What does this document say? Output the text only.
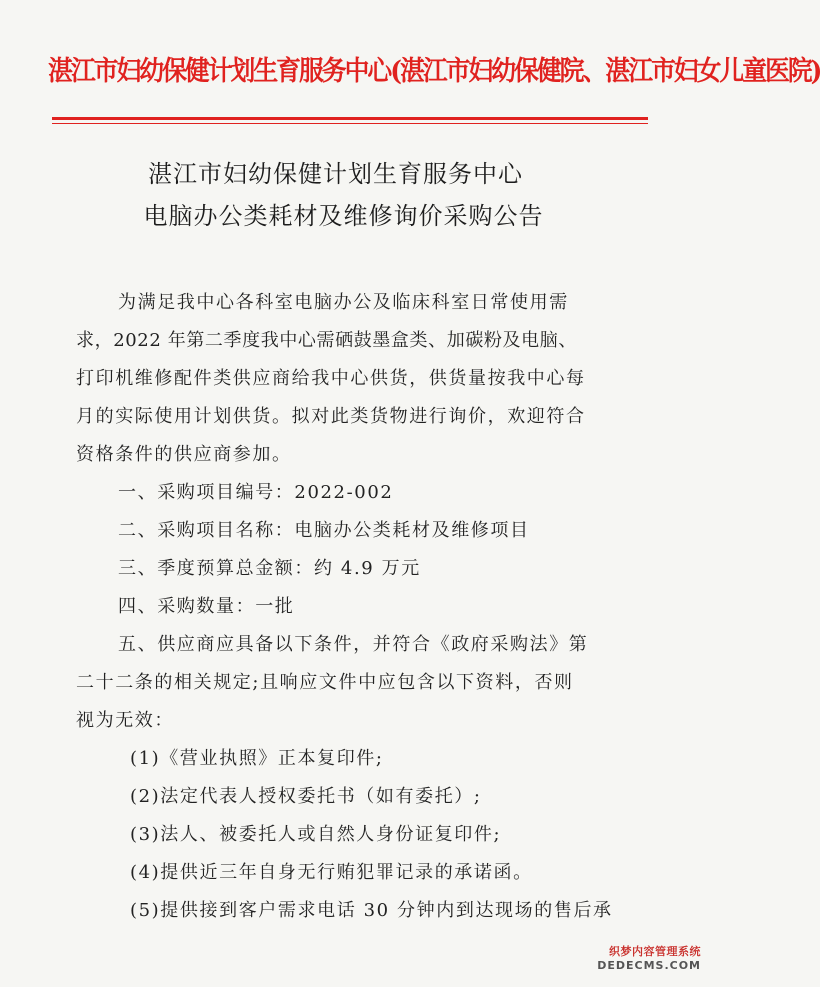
湛江市妇幼保健计划生育服务中心(湛江市妇幼保健院、湛江市妇女儿童医院)
湛江市妇幼保健计划生育服务中心
电脑办公类耗材及维修询价采购公告
为满足我中心各科室电脑办公及临床科室日常使用需
求，2022 年第二季度我中心需硒鼓墨盒类、加碳粉及电脑、
打印机维修配件类供应商给我中心供货，供货量按我中心每
月的实际使用计划供货。拟对此类货物进行询价，欢迎符合
资格条件的供应商参加。
一、采购项目编号：2022-002
二、采购项目名称：电脑办公类耗材及维修项目
三、季度预算总金额：约 4.9 万元
四、采购数量：一批
五、供应商应具备以下条件，并符合《政府采购法》第
二十二条的相关规定;且响应文件中应包含以下资料，否则
视为无效：
(1)《营业执照》正本复印件;
(2)法定代表人授权委托书（如有委托）;
(3)法人、被委托人或自然人身份证复印件;
(4)提供近三年自身无行贿犯罪记录的承诺函。
(5)提供接到客户需求电话 30 分钟内到达现场的售后承
织梦内容管理系统
DEDECMS.COM
